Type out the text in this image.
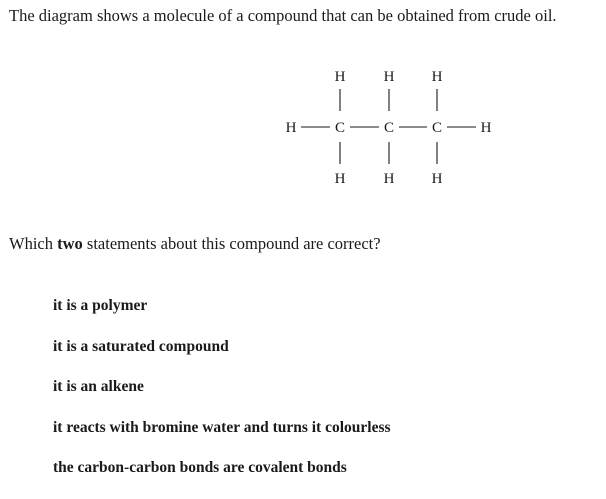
The diagram shows a molecule of a compound that can be obtained from crude oil.

H	H H
H	C	C	C	H
H	H H

Which two statements about this compound are correct?

it is a polymer
it is a saturated compound
it is an alkene
it reacts with bromine water and turns it colourless
the carbon-carbon bonds are covalent bonds
